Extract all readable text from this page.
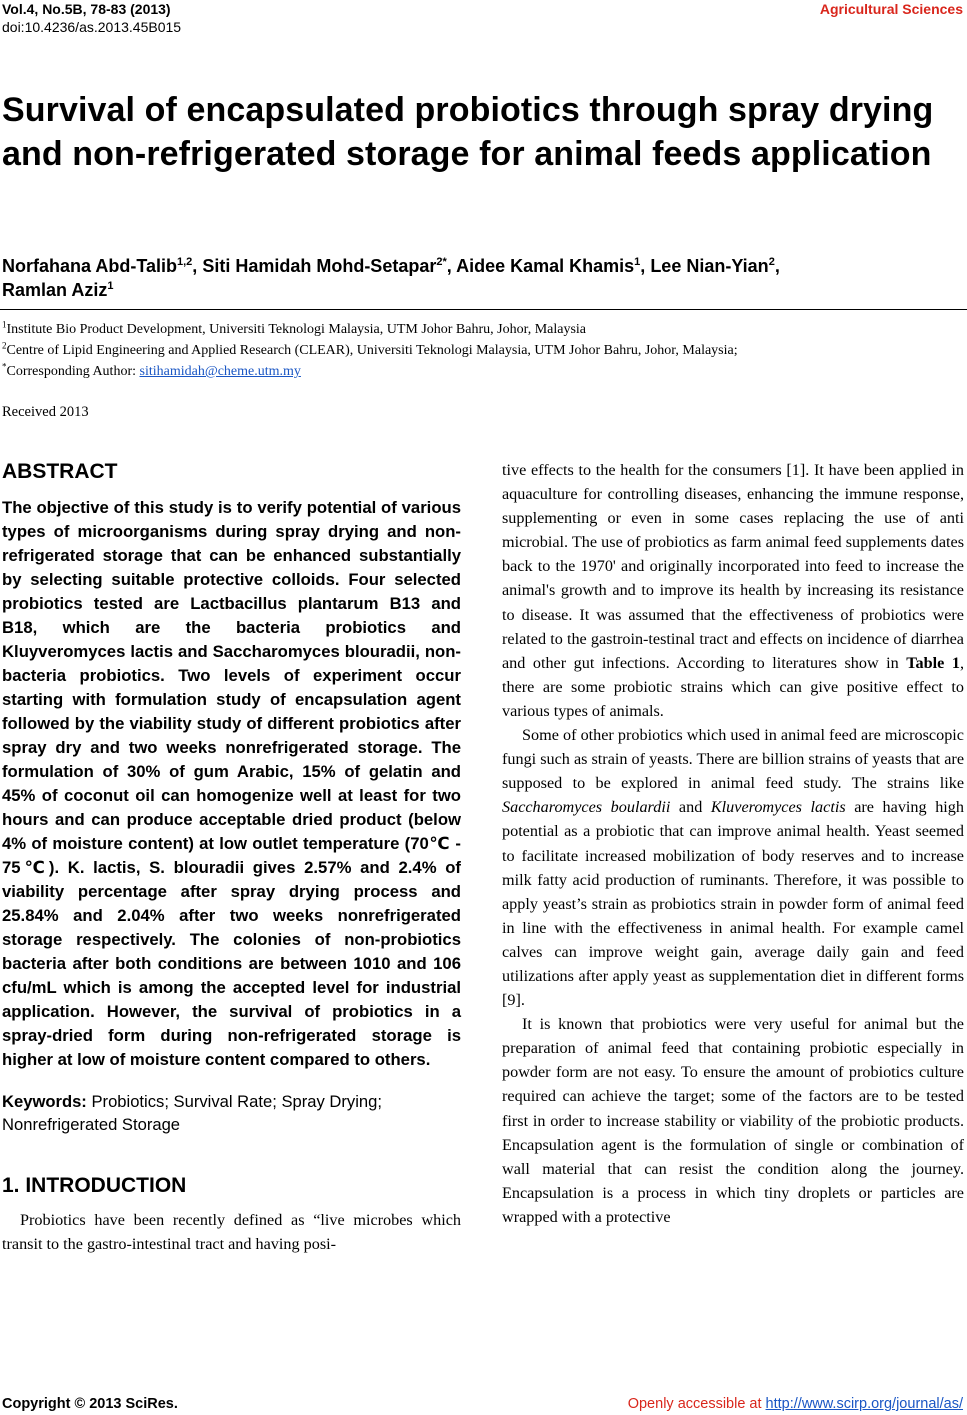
Vol.4, No.5B, 78-83 (2013)
doi:10.4236/as.2013.45B015
Agricultural Sciences
Survival of encapsulated probiotics through spray drying and non-refrigerated storage for animal feeds application
Norfahana Abd-Talib$^{1,2}$, Siti Hamidah Mohd-Setapar$^{2*}$, Aidee Kamal Khamis$^1$, Lee Nian-Yian$^2$,
Ramlan Aziz$^1$
$^1$Institute Bio Product Development, Universiti Teknologi Malaysia, UTM Johor Bahru, Johor, Malaysia
$^2$Centre of Lipid Engineering and Applied Research (CLEAR), Universiti Teknologi Malaysia, UTM Johor Bahru, Johor, Malaysia;
*Corresponding Author: sitihamidah@cheme.utm.my
Received 2013
ABSTRACT

The objective of this study is to verify potential of various types of microorganisms during spray drying and non-refrigerated storage that can be enhanced substantially by selecting suitable protective colloids. Four selected probiotics tested are Lactbacillus plantarum B13 and B18, which are the bacteria probiotics and Kluyveromyces lactis and Saccharomyces blouradii, non-bacteria probiotics. Two levels of experiment occur starting with formulation study of encapsulation agent followed by the viability study of different probiotics after spray dry and two weeks nonrefrigerated storage. The formulation of 30% of gum Arabic, 15% of gelatin and 45% of coconut oil can homogenize well at least for two hours and can produce acceptable dried product (below 4% of moisture content) at low outlet temperature (70℃ - 75℃). K. lactis, S. blouradii gives 2.57% and 2.4% of viability percentage after spray drying process and 25.84% and 2.04% after two weeks nonrefrigerated storage respectively. The colonies of non-probiotics bacteria after both conditions are between 1010 and 106 cfu/mL which is among the accepted level for industrial application. However, the survival of probiotics in a spray-dried form during non-refrigerated storage is higher at low of moisture content compared to others.

Keywords: Probiotics; Survival Rate; Spray Drying; Nonrefrigerated Storage

1. INTRODUCTION

Probiotics have been recently defined as “live microbes which transit to the gastro-intestinal tract and having posi-

tive effects to the health for the consumers [1]. It have been applied in aquaculture for controlling diseases, enhancing the immune response, supplementing or even in some cases replacing the use of anti microbial. The use of probiotics as farm animal feed supplements dates back to the 1970' and originally incorporated into feed to increase the animal's growth and to improve its health by increasing its resistance to disease. It was assumed that the effectiveness of probiotics were related to the gastroin-testinal tract and effects on incidence of diarrhea and other gut infections. According to literatures show in Table 1, there are some probiotic strains which can give positive effect to various types of animals.

Some of other probiotics which used in animal feed are microscopic fungi such as strain of yeasts. There are billion strains of yeasts that are supposed to be explored in animal feed study. The strains like Saccharomyces boulardii and Kluveromyces lactis are having high potential as a probiotic that can improve animal health. Yeast seemed to facilitate increased mobilization of body reserves and to increase milk fatty acid production of ruminants. Therefore, it was possible to apply yeast’s strain as probiotics strain in powder form of animal feed in line with the effectiveness in animal health. For example camel calves can improve weight gain, average daily gain and feed utilizations after apply yeast as supplementation diet in different forms [9].

It is known that probiotics were very useful for animal but the preparation of animal feed that containing probiotic especially in powder form are not easy. To ensure the amount of probiotics culture required can achieve the target; some of the factors are to be tested first in order to increase stability or viability of the probiotic products. Encapsulation agent is the formulation of single or combination of wall material that can resist the condition along the journey. Encapsulation is a process in which tiny droplets or particles are wrapped with a protective

Copyright © 2013 SciRes.	Openly accessible at http://www.scirp.org/journal/as/
